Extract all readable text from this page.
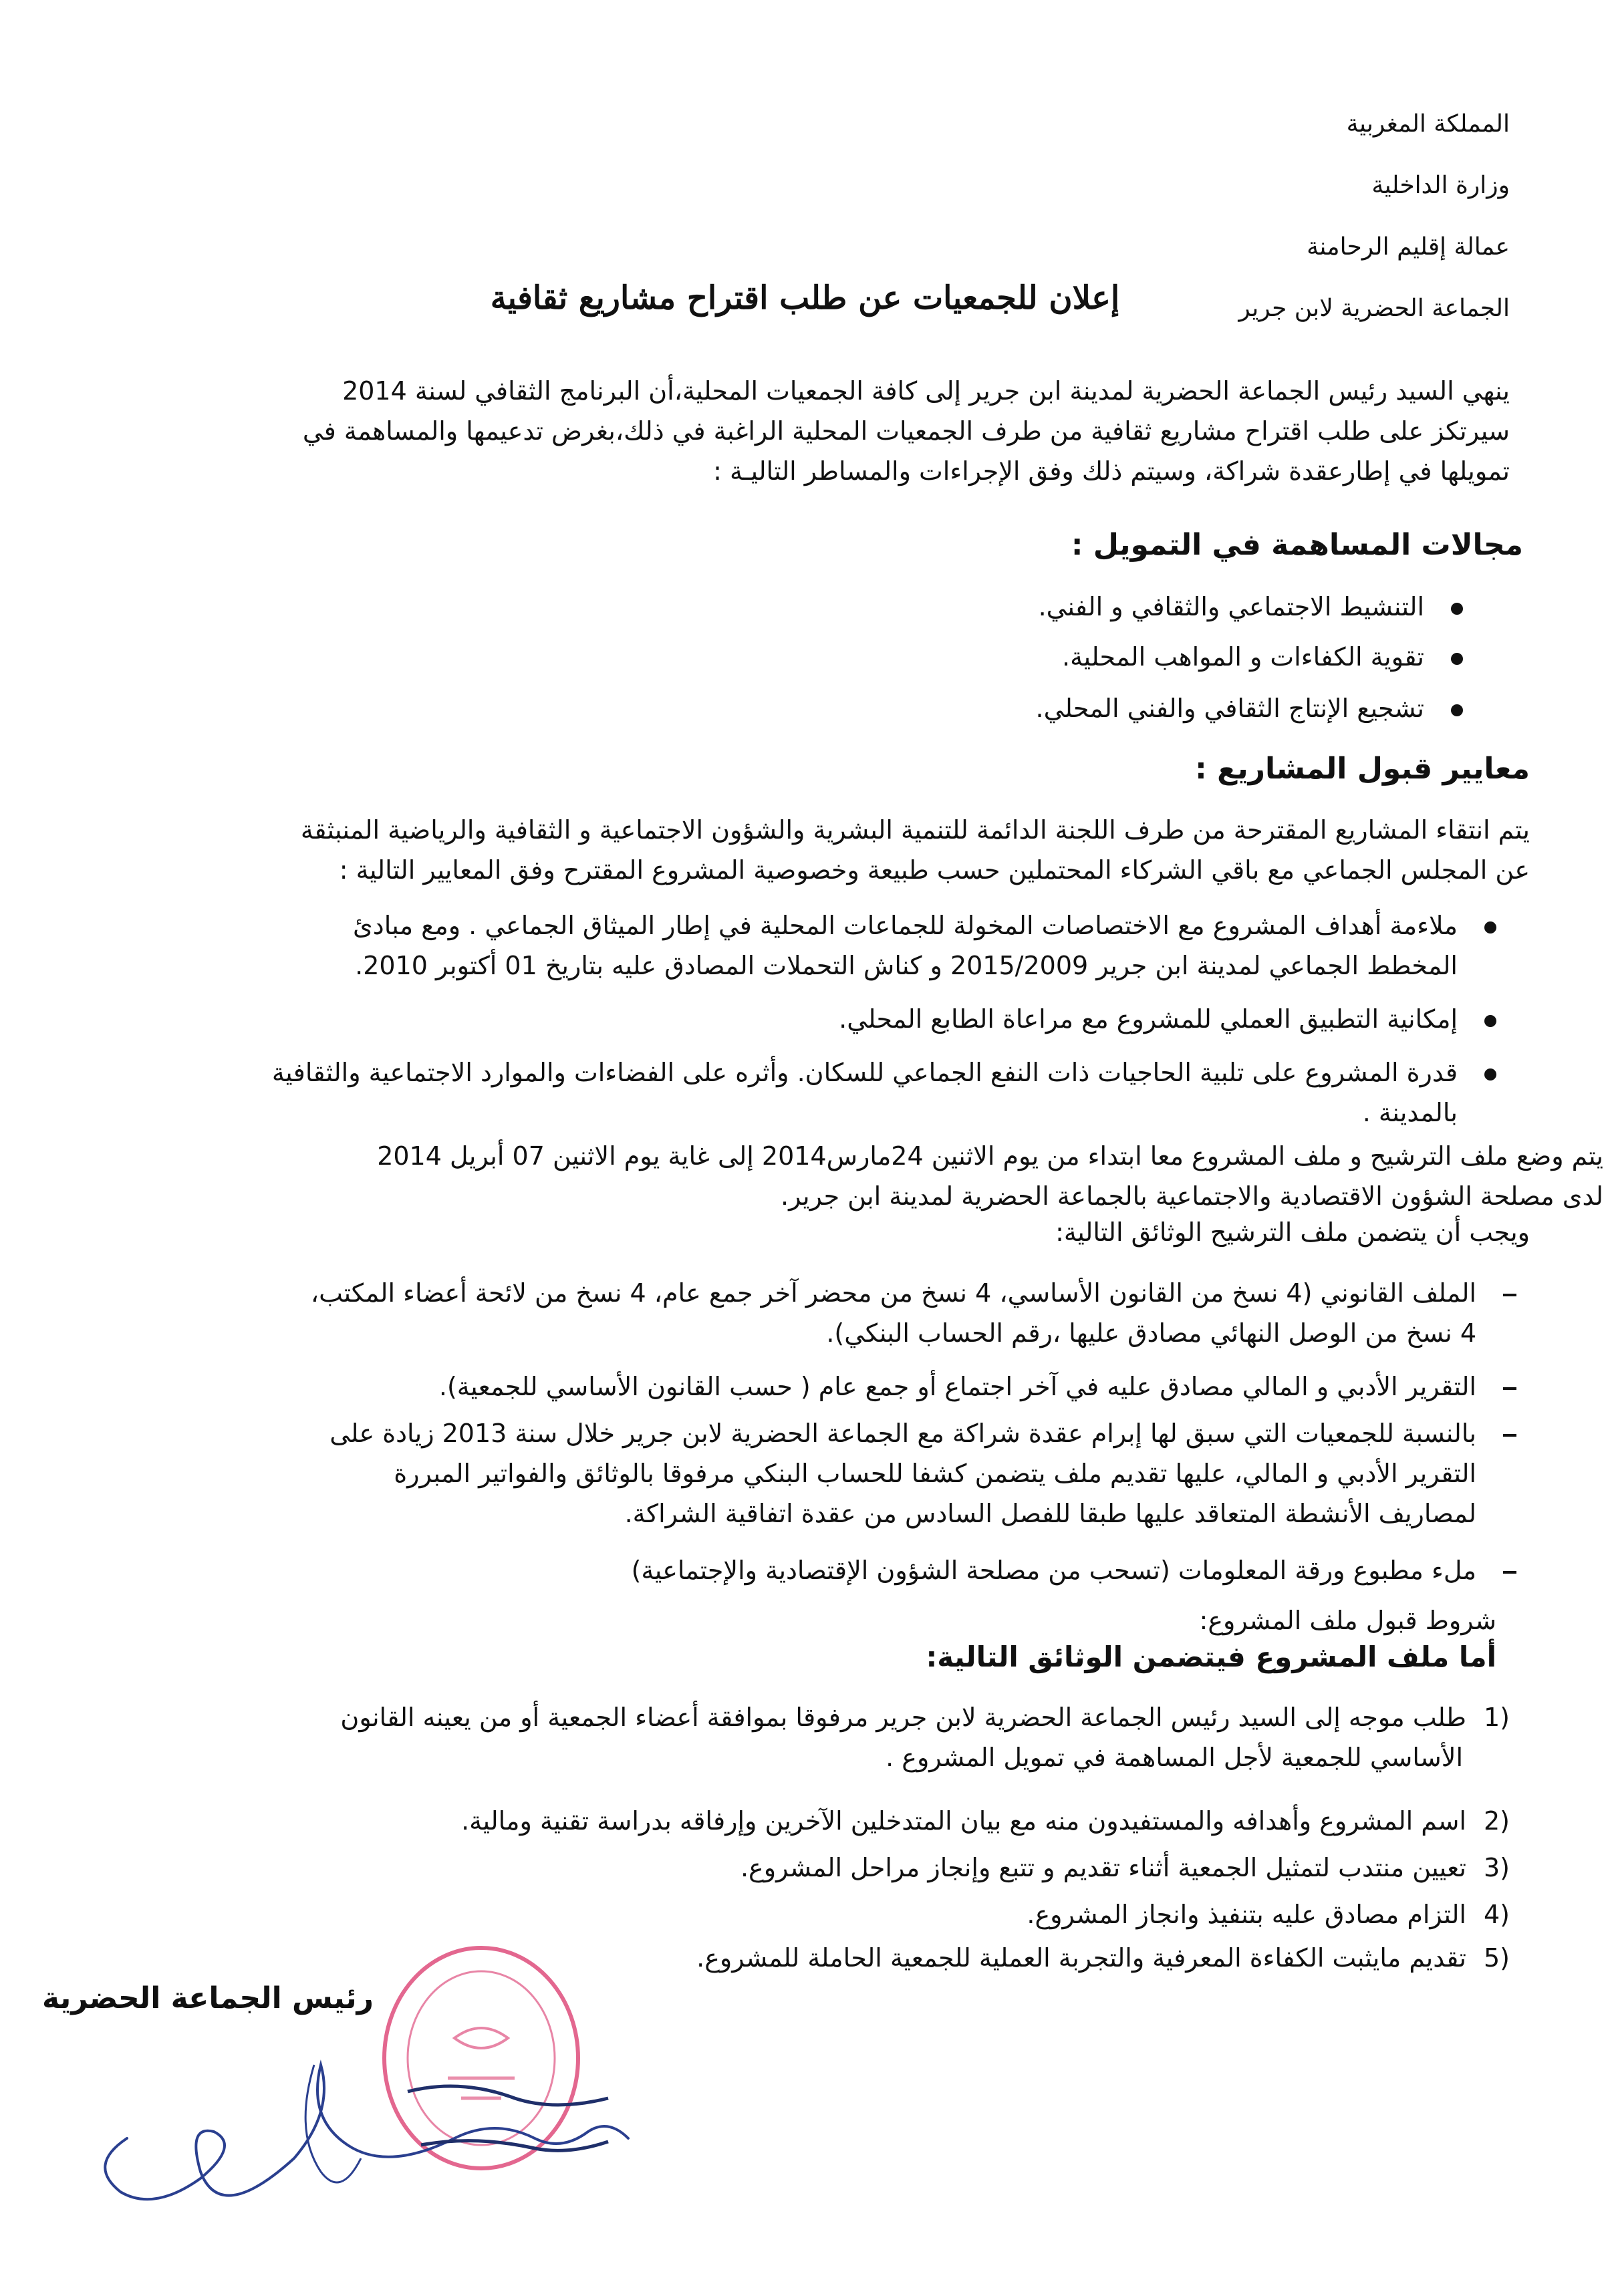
المملكة المغربية
وزارة الداخلية
عمالة إقليم الرحامنة
الجماعة الحضرية لابن جرير
إعلان للجمعيات عن طلب اقتراح مشاريع ثقافية
ينهي السيد رئيس الجماعة الحضرية لمدينة ابن جرير إلى كافة الجمعيات المحلية،أن البرنامج الثقافي لسنة 2014
سيرتكز على طلب اقتراح مشاريع ثقافية من طرف الجمعيات المحلية الراغبة في ذلك،بغرض تدعيمها والمساهمة في
تمويلها في إطارعقدة شراكة، وسيتم ذلك وفق الإجراءات والمساطر التاليـة :
مجالات المساهمة في التمويل :
التنشيط الاجتماعي والثقافي و الفني.
تقوية الكفاءات و المواهب المحلية.
تشجيع الإنتاج الثقافي والفني المحلي.
معايير قبول المشاريع :
يتم انتقاء المشاريع المقترحة من طرف اللجنة الدائمة للتنمية البشرية والشؤون الاجتماعية و الثقافية والرياضية المنبثقة
عن المجلس الجماعي مع باقي الشركاء المحتملين حسب طبيعة وخصوصية المشروع المقترح وفق المعايير التالية :
ملاءمة أهداف المشروع مع الاختصاصات المخولة للجماعات المحلية في إطار الميثاق الجماعي . ومع مبادئ
المخطط الجماعي لمدينة ابن جرير 2015/2009 و كناش التحملات المصادق عليه بتاريخ 01 أكتوبر 2010.
إمكانية التطبيق العملي للمشروع مع مراعاة الطابع المحلي.
قدرة المشروع على تلبية الحاجيات ذات النفع الجماعي للسكان. وأثره على الفضاءات والموارد الاجتماعية والثقافية
بالمدينة .
يتم وضع ملف الترشيح و ملف المشروع معا ابتداء من يوم الاثنين 24مارس2014 إلى غاية يوم الاثنين 07 أبريل 2014
لدى مصلحة الشؤون الاقتصادية والاجتماعية بالجماعة الحضرية لمدينة ابن جرير.
ويجب أن يتضمن ملف الترشيح الوثائق التالية:
الملف القانوني (4 نسخ من القانون الأساسي، 4 نسخ من محضر آخر جمع عام، 4 نسخ من لائحة أعضاء المكتب،
4 نسخ من الوصل النهائي مصادق عليها ،رقم الحساب البنكي).
التقرير الأدبي و المالي مصادق عليه في آخر اجتماع أو جمع عام ( حسب القانون الأساسي للجمعية).
بالنسبة للجمعيات التي سبق لها إبرام عقدة شراكة مع الجماعة الحضرية لابن جرير خلال سنة 2013 زيادة على
التقرير الأدبي و المالي، عليها تقديم ملف يتضمن كشفا للحساب البنكي مرفوقا بالوثائق والفواتير المبررة
لمصاريف الأنشطة المتعاقد عليها طبقا للفصل السادس من عقدة اتفاقية الشراكة.
ملء مطبوع ورقة المعلومات (تسحب من مصلحة الشؤون الإقتصادية والإجتماعية)
شروط قبول ملف المشروع:
أما ملف المشروع فيتضمن الوثائق التالية:
(1طلب موجه إلى السيد رئيس الجماعة الحضرية لابن جرير مرفوقا بموافقة أعضاء الجمعية أو من يعينه القانون
الأساسي للجمعية لأجل المساهمة في تمويل المشروع .
(2اسم المشروع وأهدافه والمستفيدون منه مع بيان المتدخلين الآخرين وإرفاقه بدراسة تقنية ومالية.
(3تعيين منتدب لتمثيل الجمعية أثناء تقديم و تتبع وإنجاز مراحل المشروع.
(4التزام مصادق عليه بتنفيذ وانجاز المشروع.
(5تقديم مايثبت الكفاءة المعرفية والتجربة العملية للجمعية الحاملة للمشروع.
رئيس الجماعة الحضرية
